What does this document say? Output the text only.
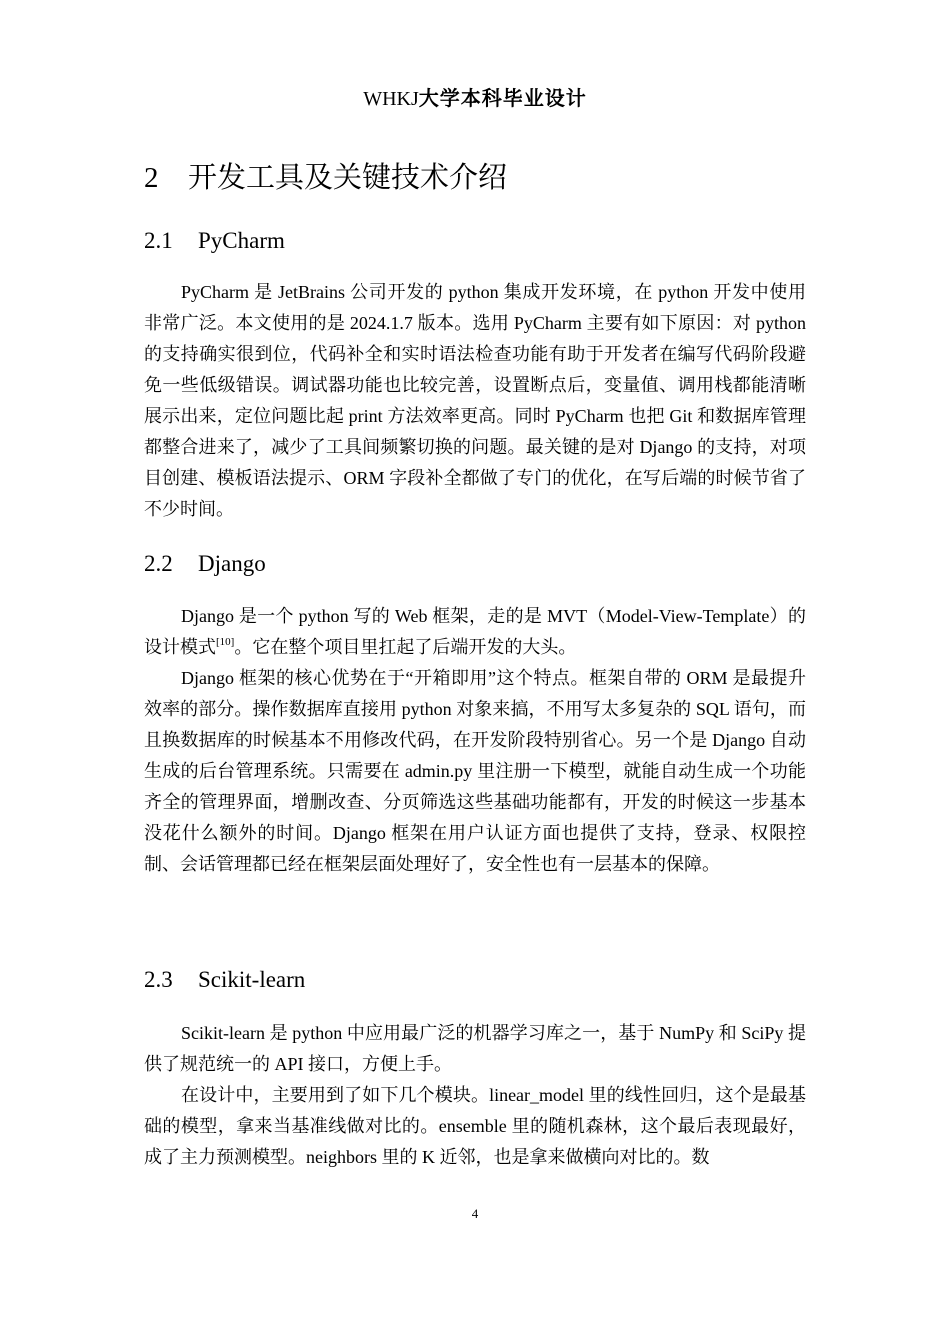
WHKJ大学本科毕业设计
2 开发工具及关键技术介绍
2.1 PyCharm

PyCharm 是 JetBrains 公司开发的 python 集成开发环境，在 python 开发中使用非常广泛。本文使用的是 2024.1.7 版本。选用 PyCharm 主要有如下原因：对 python 的支持确实很到位，代码补全和实时语法检查功能有助于开发者在编写代码阶段避免一些低级错误。调试器功能也比较完善，设置断点后，变量值、调用栈都能清晰展示出来，定位问题比起 print 方法效率更高。同时 PyCharm 也把 Git 和数据库管理都整合进来了，减少了工具间频繁切换的问题。最关键的是对 Django 的支持，对项目创建、模板语法提示、ORM 字段补全都做了专门的优化，在写后端的时候节省了不少时间。

2.2 Django

Django 是一个 python 写的 Web 框架，走的是 MVT（Model-View-Template）的设计模式[10]。它在整个项目里扛起了后端开发的大头。

Django 框架的核心优势在于“开箱即用”这个特点。框架自带的 ORM 是最提升效率的部分。操作数据库直接用 python 对象来搞，不用写太多复杂的 SQL 语句，而且换数据库的时候基本不用修改代码，在开发阶段特别省心。另一个是 Django 自动生成的后台管理系统。只需要在 admin.py 里注册一下模型，就能自动生成一个功能齐全的管理界面，增删改查、分页筛选这些基础功能都有，开发的时候这一步基本没花什么额外的时间。Django 框架在用户认证方面也提供了支持，登录、权限控制、会话管理都已经在框架层面处理好了，安全性也有一层基本的保障。

2.3 Scikit-learn

Scikit-learn 是 python 中应用最广泛的机器学习库之一，基于 NumPy 和 SciPy 提供了规范统一的 API 接口，方便上手。

在设计中，主要用到了如下几个模块。linear_model 里的线性回归，这个是最基础的模型，拿来当基准线做对比的。ensemble 里的随机森林，这个最后表现最好，成了主力预测模型。neighbors 里的 K 近邻，也是拿来做横向对比的。数

4
